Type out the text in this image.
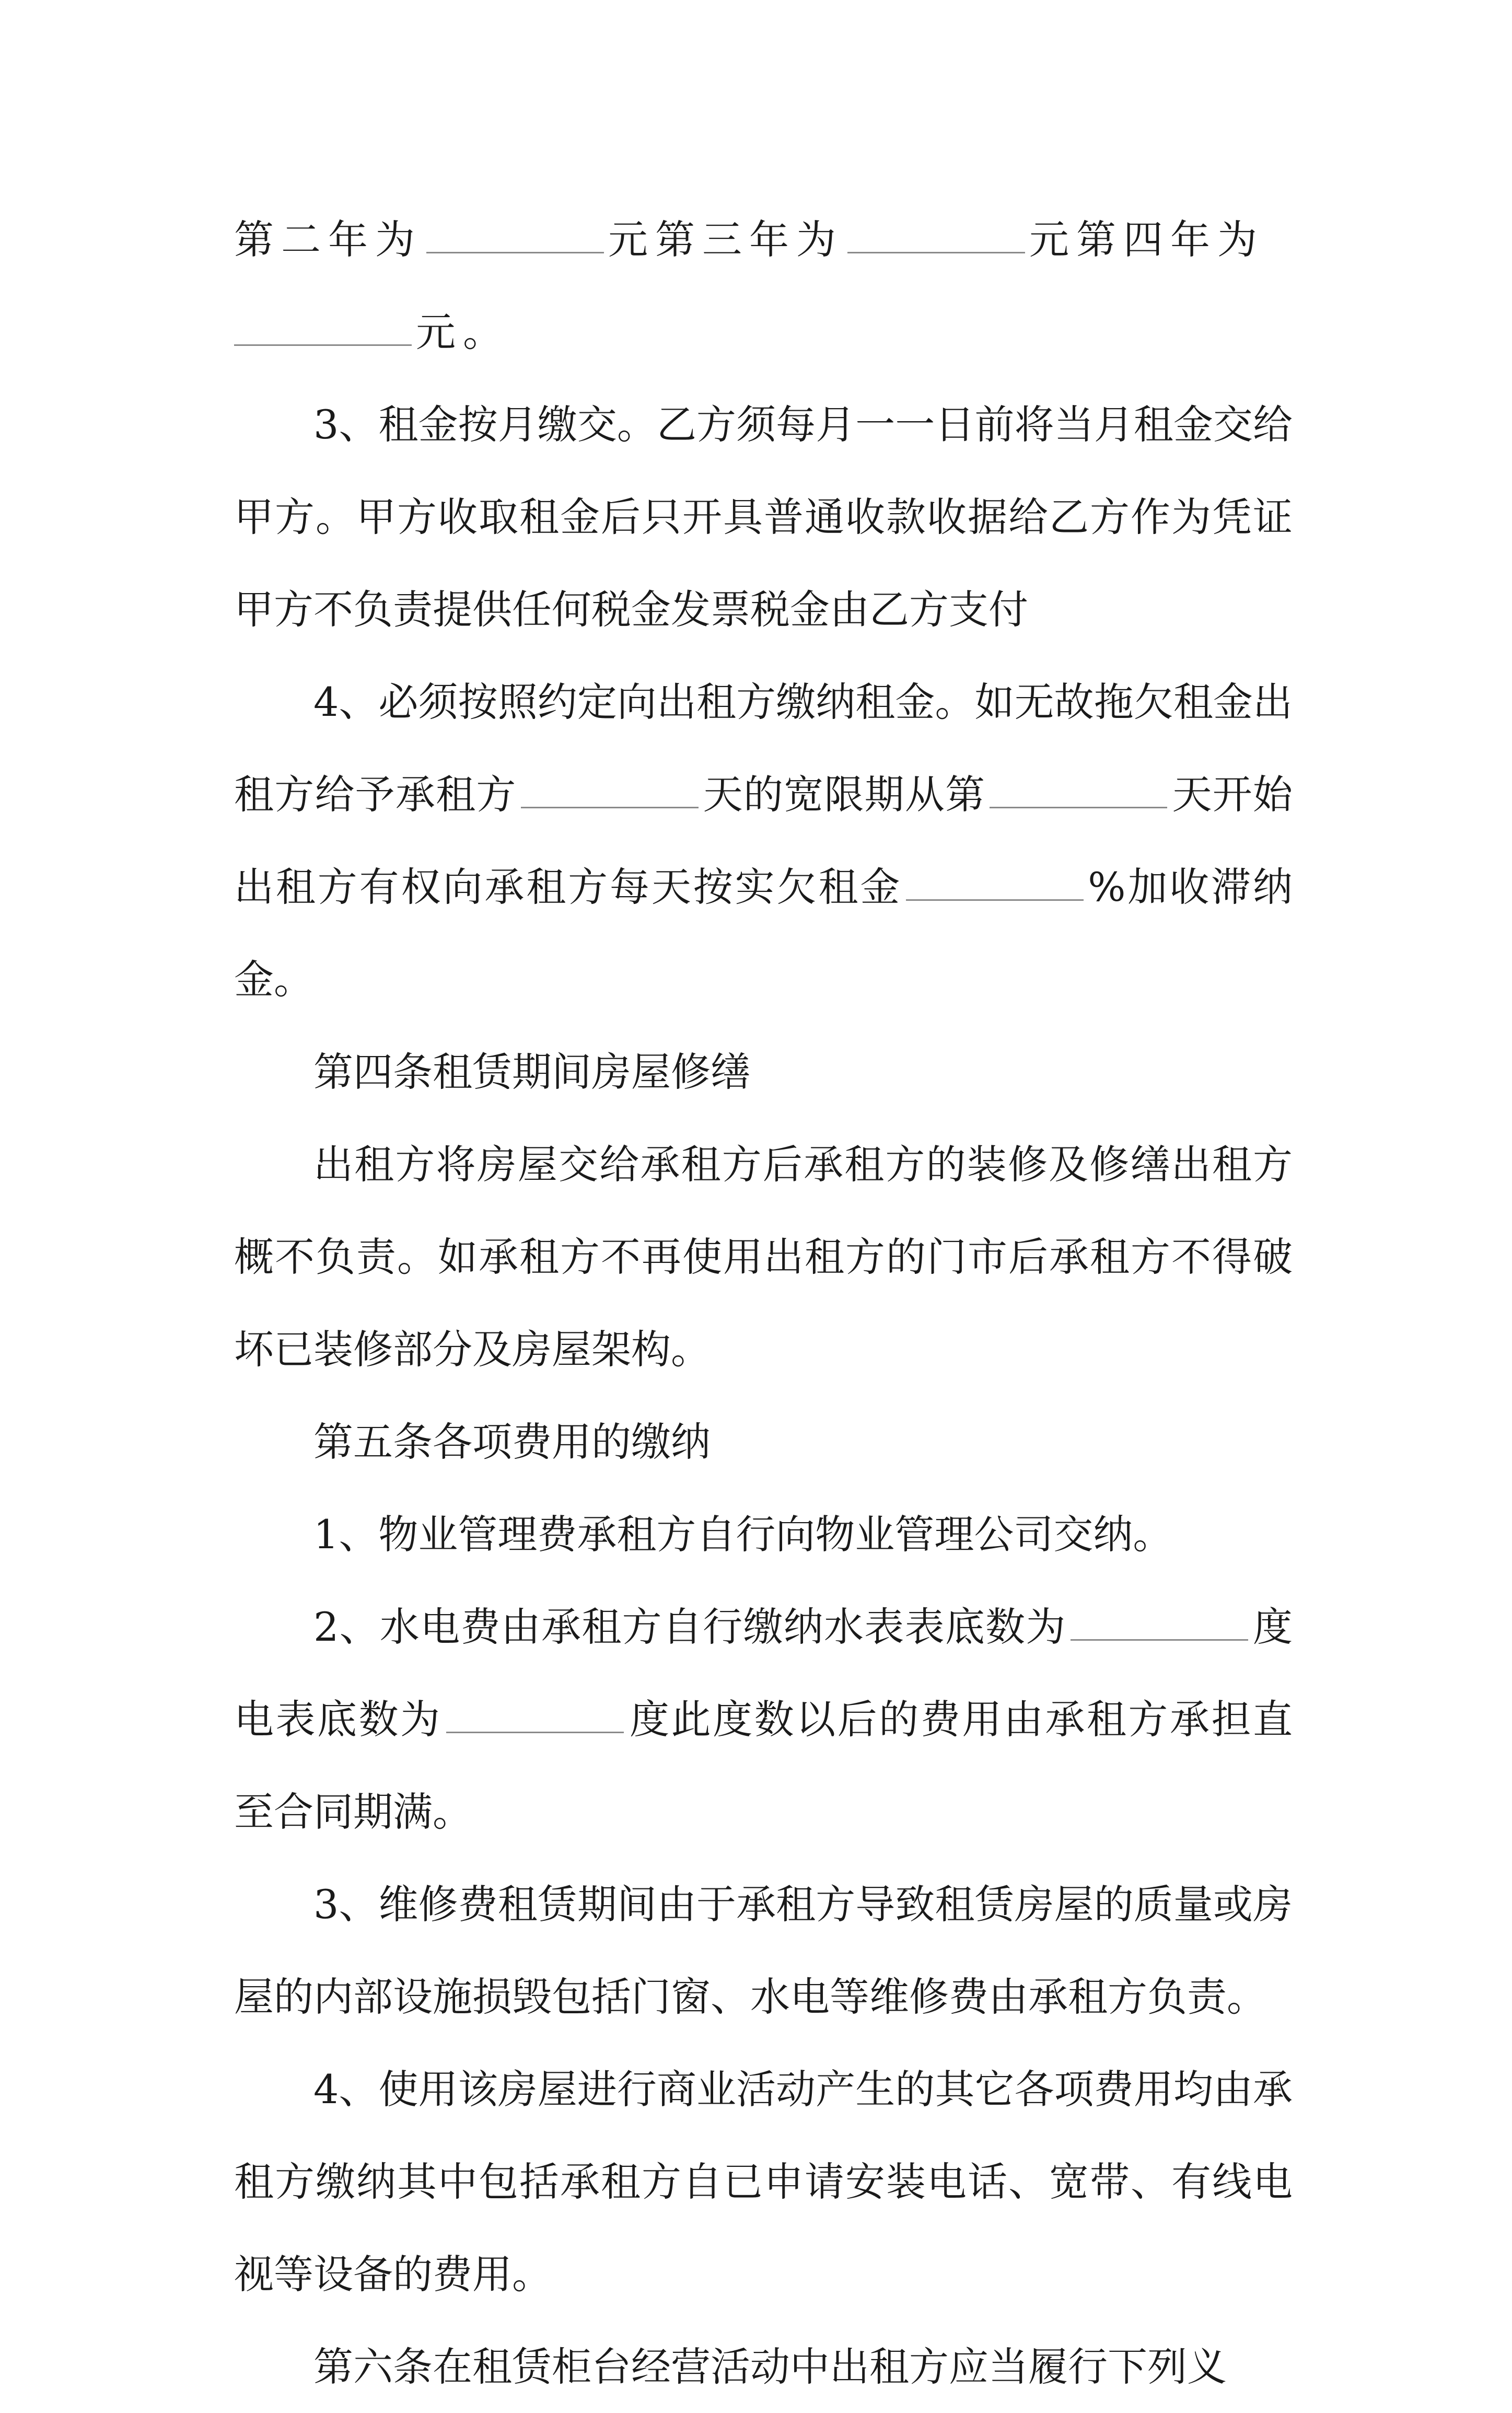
第二年为	元第三年为	元第四年为
元。

3、租金按月缴交。乙方须每月一一日前将当月租金交给甲方。甲方收取租金后只开具普通收款收据给乙方作为凭证甲方不负责提供任何税金发票税金由乙方支付

4、必须按照约定向出租方缴纳租金。如无故拖欠租金出租方给予承租方	天的宽限期从第	天开始出租方有权向承租方每天按实欠租金	%加收滞纳金。

第四条租赁期间房屋修缮

出租方将房屋交给承租方后承租方的装修及修缮出租方概不负责。如承租方不再使用出租方的门市后承租方不得破坏已装修部分及房屋架构。

第五条各项费用的缴纳

1、物业管理费承租方自行向物业管理公司交纳。

2、水电费由承租方自行缴纳水表表底数为	度电表底数为	度此度数以后的费用由承租方承担直至合同期满。

3、维修费租赁期间由于承租方导致租赁房屋的质量或房屋的内部设施损毁包括门窗、水电等维修费由承租方负责。

4、使用该房屋进行商业活动产生的其它各项费用均由承租方缴纳其中包括承租方自已申请安装电话、宽带、有线电视等设备的费用。

第六条在租赁柜台经营活动中出租方应当履行下列义
